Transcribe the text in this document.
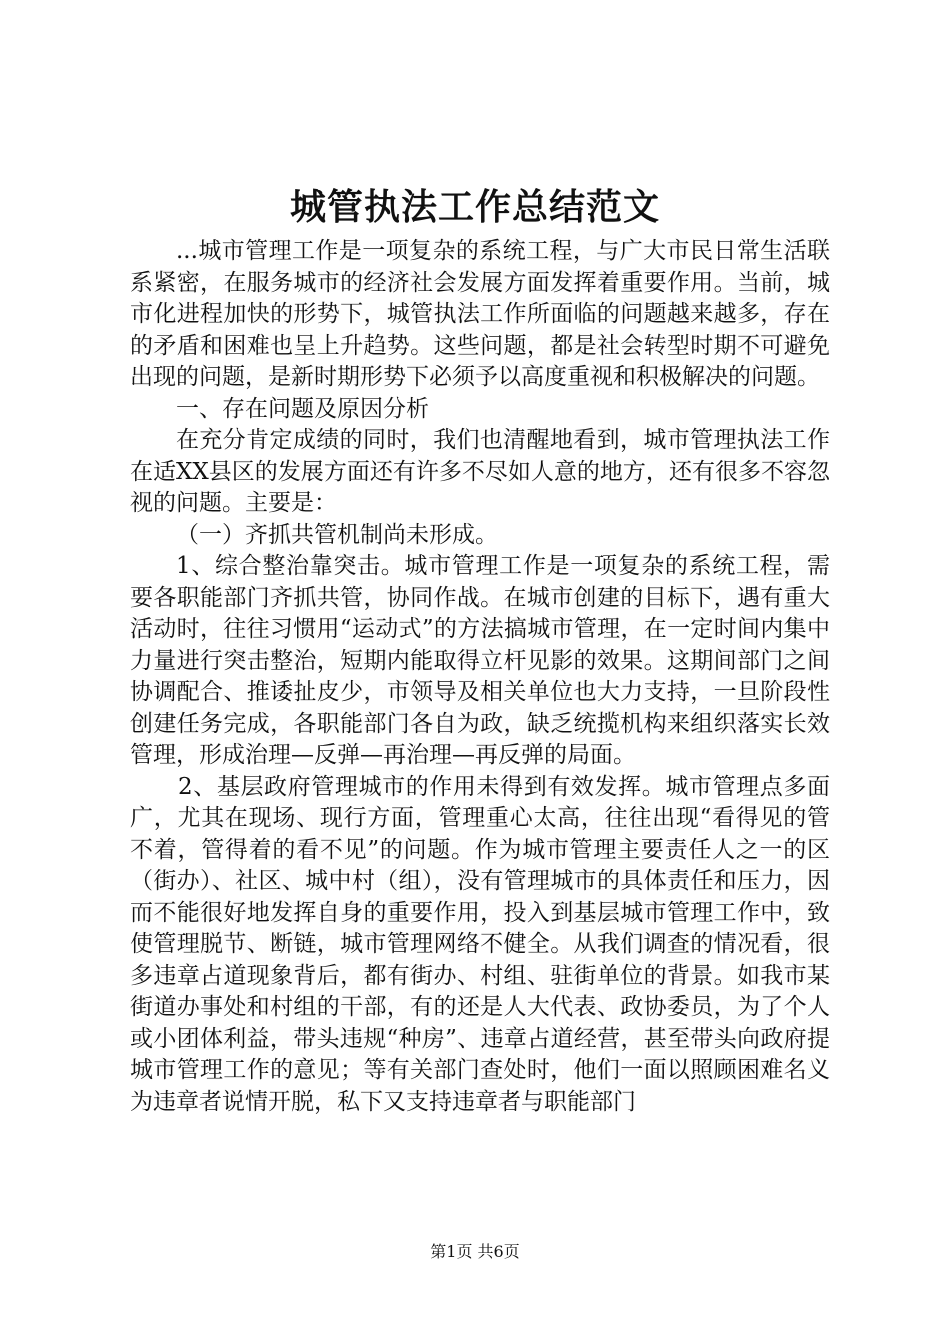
城管执法工作总结范文

...城市管理工作是一项复杂的系统工程，与广大市民日常生活联系紧密，在服务城市的经济社会发展方面发挥着重要作用。当前，城市化进程加快的形势下，城管执法工作所面临的问题越来越多，存在的矛盾和困难也呈上升趋势。这些问题，都是社会转型时期不可避免出现的问题，是新时期形势下必须予以高度重视和积极解决的问题。

一、存在问题及原因分析

在充分肯定成绩的同时，我们也清醒地看到，城市管理执法工作在适XX县区的发展方面还有许多不尽如人意的地方，还有很多不容忽视的问题。主要是：

（一）齐抓共管机制尚未形成。

1、综合整治靠突击。城市管理工作是一项复杂的系统工程，需要各职能部门齐抓共管，协同作战。在城市创建的目标下，遇有重大活动时，往往习惯用“运动式”的方法搞城市管理，在一定时间内集中力量进行突击整治，短期内能取得立杆见影的效果。这期间部门之间协调配合、推诿扯皮少，市领导及相关单位也大力支持，一旦阶段性创建任务完成，各职能部门各自为政，缺乏统揽机构来组织落实长效管理，形成治理—反弹—再治理—再反弹的局面。

2、基层政府管理城市的作用未得到有效发挥。城市管理点多面广，尤其在现场、现行方面，管理重心太高，往往出现“看得见的管不着，管得着的看不见”的问题。作为城市管理主要责任人之一的区（街办）、社区、城中村（组），没有管理城市的具体责任和压力，因而不能很好地发挥自身的重要作用，投入到基层城市管理工作中，致使管理脱节、断链，城市管理网络不健全。从我们调查的情况看，很多违章占道现象背后，都有街办、村组、驻街单位的背景。如我市某街道办事处和村组的干部，有的还是人大代表、政协委员，为了个人或小团体利益，带头违规“种房”、违章占道经营，甚至带头向政府提城市管理工作的意见；等有关部门查处时，他们一面以照顾困难名义为违章者说情开脱，私下又支持违章者与职能部门

第1页 共6页
